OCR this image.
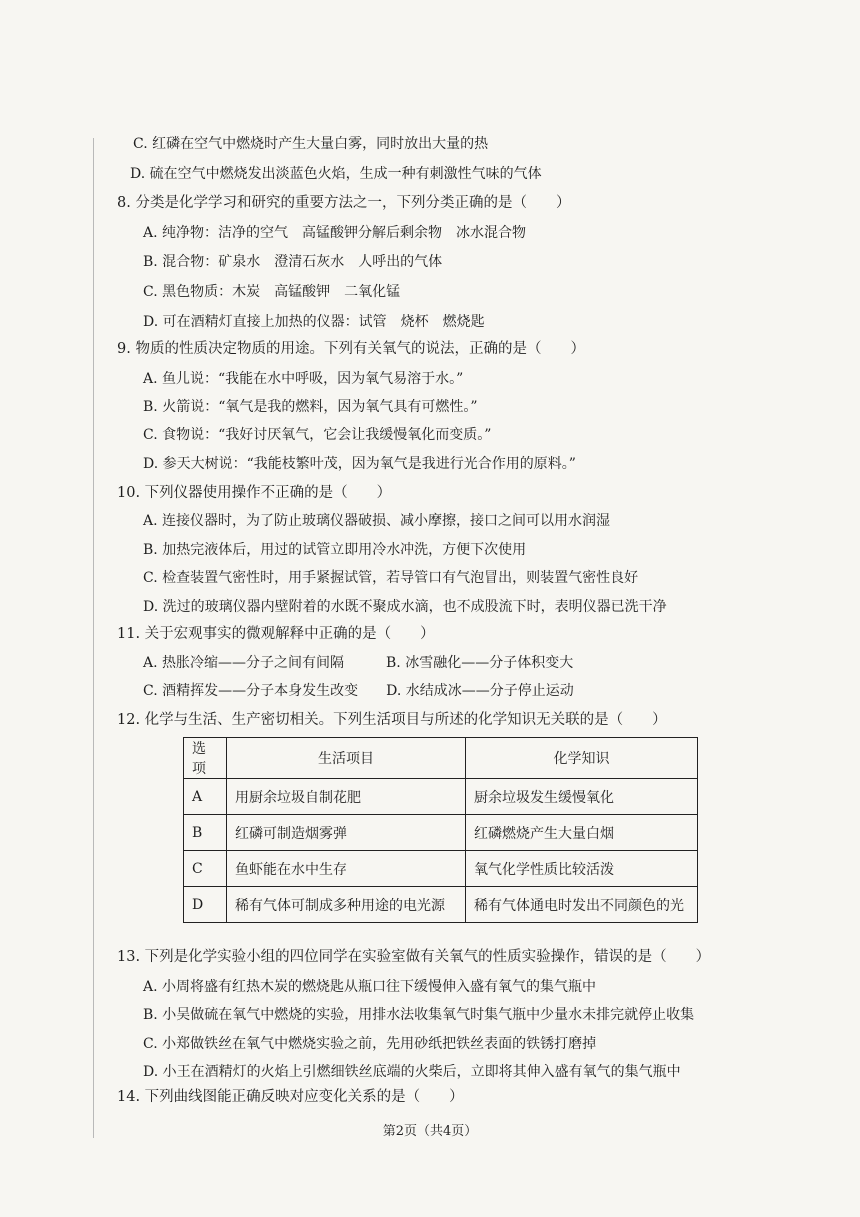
C. 红磷在空气中燃烧时产生大量白雾，同时放出大量的热
D. 硫在空气中燃烧发出淡蓝色火焰，生成一种有刺激性气味的气体
8. 分类是化学学习和研究的重要方法之一，下列分类正确的是（　　）
A. 纯净物：洁净的空气　高锰酸钾分解后剩余物　冰水混合物
B. 混合物：矿泉水　澄清石灰水　人呼出的气体
C. 黑色物质：木炭　高锰酸钾　二氧化锰
D. 可在酒精灯直接上加热的仪器：试管　烧杯　燃烧匙
9. 物质的性质决定物质的用途。下列有关氧气的说法，正确的是（　　）
A. 鱼儿说：“我能在水中呼吸，因为氧气易溶于水。”
B. 火箭说：“氧气是我的燃料，因为氧气具有可燃性。”
C. 食物说：“我好讨厌氧气，它会让我缓慢氧化而变质。”
D. 参天大树说：“我能枝繁叶茂，因为氧气是我进行光合作用的原料。”
10. 下列仪器使用操作不正确的是（　　）
A. 连接仪器时，为了防止玻璃仪器破损、减小摩擦，接口之间可以用水润湿
B. 加热完液体后，用过的试管立即用冷水冲洗，方便下次使用
C. 检查装置气密性时，用手紧握试管，若导管口有气泡冒出，则装置气密性良好
D. 洗过的玻璃仪器内壁附着的水既不聚成水滴，也不成股流下时，表明仪器已洗干净
11. 关于宏观事实的微观解释中正确的是（　　）
A. 热胀冷缩——分子之间有间隔　　　B. 冰雪融化——分子体积变大
C. 酒精挥发——分子本身发生改变　　D. 水结成冰——分子停止运动
12. 化学与生活、生产密切相关。下列生活项目与所述的化学知识无关联的是（　　）
选项	生活项目	化学知识
A	用厨余垃圾自制花肥	厨余垃圾发生缓慢氧化
B	红磷可制造烟雾弹	红磷燃烧产生大量白烟
C	鱼虾能在水中生存	氧气化学性质比较活泼
D	稀有气体可制成多种用途的电光源	稀有气体通电时发出不同颜色的光
13. 下列是化学实验小组的四位同学在实验室做有关氧气的性质实验操作，错误的是（　　）
A. 小周将盛有红热木炭的燃烧匙从瓶口往下缓慢伸入盛有氧气的集气瓶中
B. 小吴做硫在氧气中燃烧的实验，用排水法收集氧气时集气瓶中少量水未排完就停止收集
C. 小郑做铁丝在氧气中燃烧实验之前，先用砂纸把铁丝表面的铁锈打磨掉
D. 小王在酒精灯的火焰上引燃细铁丝底端的火柴后，立即将其伸入盛有氧气的集气瓶中
14. 下列曲线图能正确反映对应变化关系的是（　　）
第2页（共4页）
